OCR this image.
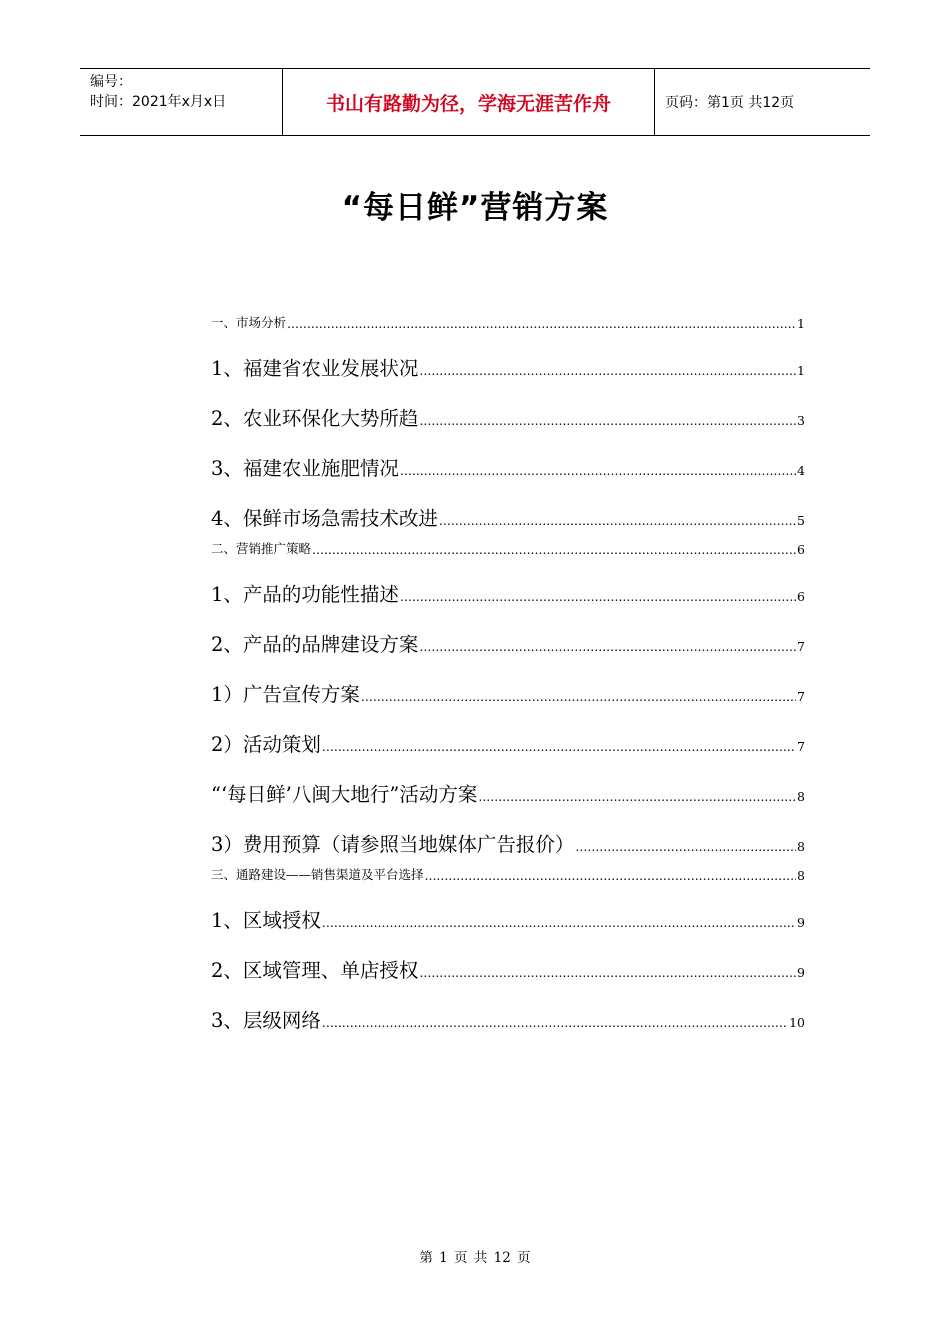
编号：
时间：2021年x月x日	书山有路勤为径，学海无涯苦作舟	页码：第1页 共12页
“每日鲜”营销方案
一、市场分析 .....	1
1、福建省农业发展状况 .....	1
2、农业环保化大势所趋 .....	3
3、福建农业施肥情况 .....	4
4、保鲜市场急需技术改进 .....	5
二、营销推广策略 .....	6
1、产品的功能性描述 .....	6
2、产品的品牌建设方案 .....	7
1）广告宣传方案 .....	7
2）活动策划 .....	7
“‘每日鲜’八闽大地行”活动方案 .....	8
3）费用预算（请参照当地媒体广告报价） .....	8
三、通路建设——销售渠道及平台选择 .....	8
1、区域授权 .....	9
2、区域管理、单店授权 .....	9
3、层级网络 .....	10
第 1 页 共 12 页
